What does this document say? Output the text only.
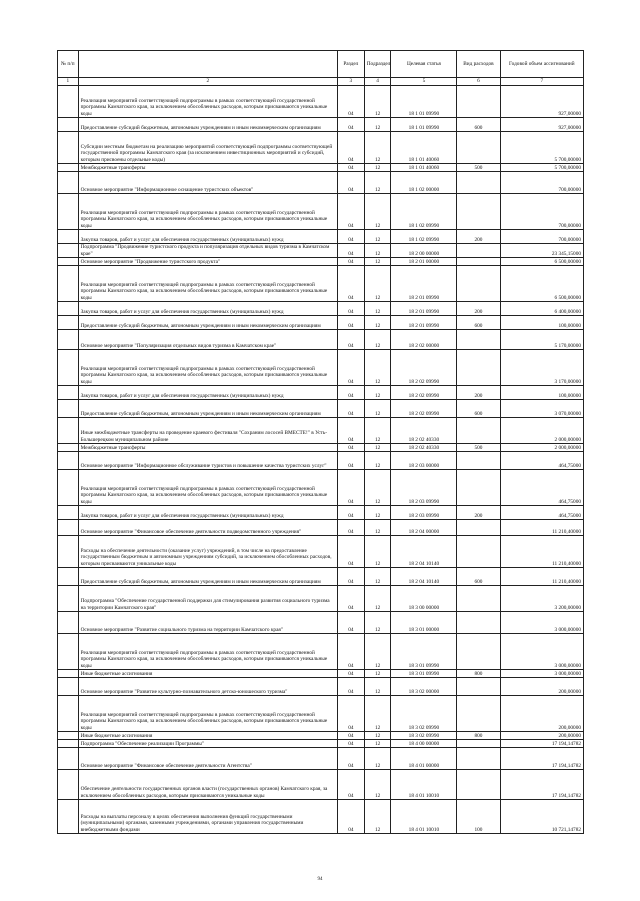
№ п/п		Раздел	Подраздел	Целевая статья	Вид расходов	Годовой объем ассигнований
1	2	3	4	5	6	7
	Реализация мероприятий соответствующей подпрограммы в рамках соответствующей государственной программы Камчатского края, за исключением обособленных расходов, которым присваиваются уникальные коды	04	12	18 1 01 09990		927,00000
	Предоставление субсидий бюджетным, автономным учреждениям и иным некоммерческим организациям	04	12	18 1 01 09990	600	927,00000
	Субсидии местным бюджетам на реализацию мероприятий соответствующей подпрограммы соответствующей государственной программы Камчатского края (за исключением инвестиционных мероприятий и субсидий, которым присвоены отдельные коды)	04	12	18 1 01 40060		5 700,00000
	Межбюджетные трансферты	04	12	18 1 01 40060	500	5 700,00000
	Основное мероприятие "Информационное оснащение туристских объектов"	04	12	18 1 02 00000		700,00000
	Реализация мероприятий соответствующей подпрограммы в рамках соответствующей государственной программы Камчатского края, за исключением обособленных расходов, которым присваиваются уникальные коды	04	12	18 1 02 09990		700,00000
	Закупка товаров, работ и услуг для обеспечения государственных (муниципальных) нужд	04	12	18 1 02 09990	200	700,00000
	Подпрограмма "Продвижение туристского продукта и популяризация отдельных видов туризма в Камчатском крае"	04	12	18 2 00 00000		23 345,15000
	Основное мероприятие "Продвижение туристского продукта"	04	12	18 2 01 00000		6 500,00000
	Реализация мероприятий соответствующей подпрограммы в рамках соответствующей государственной программы Камчатского края, за исключением обособленных расходов, которым присваиваются уникальные коды	04	12	18 2 01 09990		6 500,00000
	Закупка товаров, работ и услуг для обеспечения государственных (муниципальных) нужд	04	12	18 2 01 09990	200	6 400,00000
	Предоставление субсидий бюджетным, автономным учреждениям и иным некоммерческим организациям	04	12	18 2 01 09990	600	100,00000
	Основное мероприятие "Популяризация отдельных видов туризма в Камчатском крае"	04	12	18 2 02 00000		5 170,00000
	Реализация мероприятий соответствующей подпрограммы в рамках соответствующей государственной программы Камчатского края, за исключением обособленных расходов, которым присваиваются уникальные коды	04	12	18 2 02 09990		3 170,00000
	Закупка товаров, работ и услуг для обеспечения государственных (муниципальных) нужд	04	12	18 2 02 09990	200	100,00000
	Предоставление субсидий бюджетным, автономным учреждениям и иным некоммерческим организациям	04	12	18 2 02 09990	600	3 070,00000
	Иные межбюджетные трансферты на проведение краевого фестиваля "Сохраним лососей ВМЕСТЕ!" в Усть-Большерецком муниципальном районе	04	12	18 2 02 40330		2 000,00000
	Межбюджетные трансферты	04	12	18 2 02 40330	500	2 000,00000
	Основное мероприятие "Информационное обслуживание туристов и повышение качества туристских услуг"	04	12	18 2 03 00000		464,75000
	Реализация мероприятий соответствующей подпрограммы в рамках соответствующей государственной программы Камчатского края, за исключением обособленных расходов, которым присваиваются уникальные коды	04	12	18 2 03 09990		464,75000
	Закупка товаров, работ и услуг для обеспечения государственных (муниципальных) нужд	04	12	18 2 03 09990	200	464,75000
	Основное мероприятие "Финансовое обеспечение деятельности подведомственного учреждения"	04	12	18 2 04 00000		11 210,40000
	Расходы на обеспечение деятельности (оказание услуг) учреждений, в том числе на предоставление государственным бюджетным и автономным учреждениям субсидий, за исключением обособленных расходов, которым присваиваются уникальные коды	04	12	18 2 04 10140		11 210,40000
	Предоставление субсидий бюджетным, автономным учреждениям и иным некоммерческим организациям	04	12	18 2 04 10140	600	11 210,40000
	Подпрограмма "Обеспечение государственной поддержки для стимулирования развития социального туризма на территории Камчатского края"	04	12	18 3 00 00000		3 200,00000
	Основное мероприятие "Развитие социального туризма на территории Камчатского края"	04	12	18 3 01 00000		3 000,00000
	Реализация мероприятий соответствующей подпрограммы в рамках соответствующей государственной программы Камчатского края, за исключением обособленных расходов, которым присваиваются уникальные коды	04	12	18 3 01 09990		3 000,00000
	Иные бюджетные ассигнования	04	12	18 3 01 09990	800	3 000,00000
	Основное мероприятие "Развитие культурно-познавательного детско-юношеского туризма"	04	12	18 3 02 00000		200,00000
	Реализация мероприятий соответствующей подпрограммы в рамках соответствующей государственной программы Камчатского края, за исключением обособленных расходов, которым присваиваются уникальные коды	04	12	18 3 02 09990		200,00000
	Иные бюджетные ассигнования	04	12	18 3 02 09990	800	200,00000
	Подпрограмма "Обеспечение реализации Программы"	04	12	18 4 00 00000		17 194,14782
	Основное мероприятие "Финансовое обеспечение деятельности Агентства"	04	12	18 4 01 00000		17 194,14782
	Обеспечение деятельности государственных органов власти (государственных органов) Камчатского края, за исключением обособленных расходов, которым присваиваются уникальные коды	04	12	18 4 01 10010		17 194,14782
	Расходы на выплаты персоналу в целях обеспечения выполнения функций государственными (муниципальными) органами, казенными учреждениями, органами управления государственными внебюджетными фондами	04	12	18 4 01 10010	100	10 721,14782
94
